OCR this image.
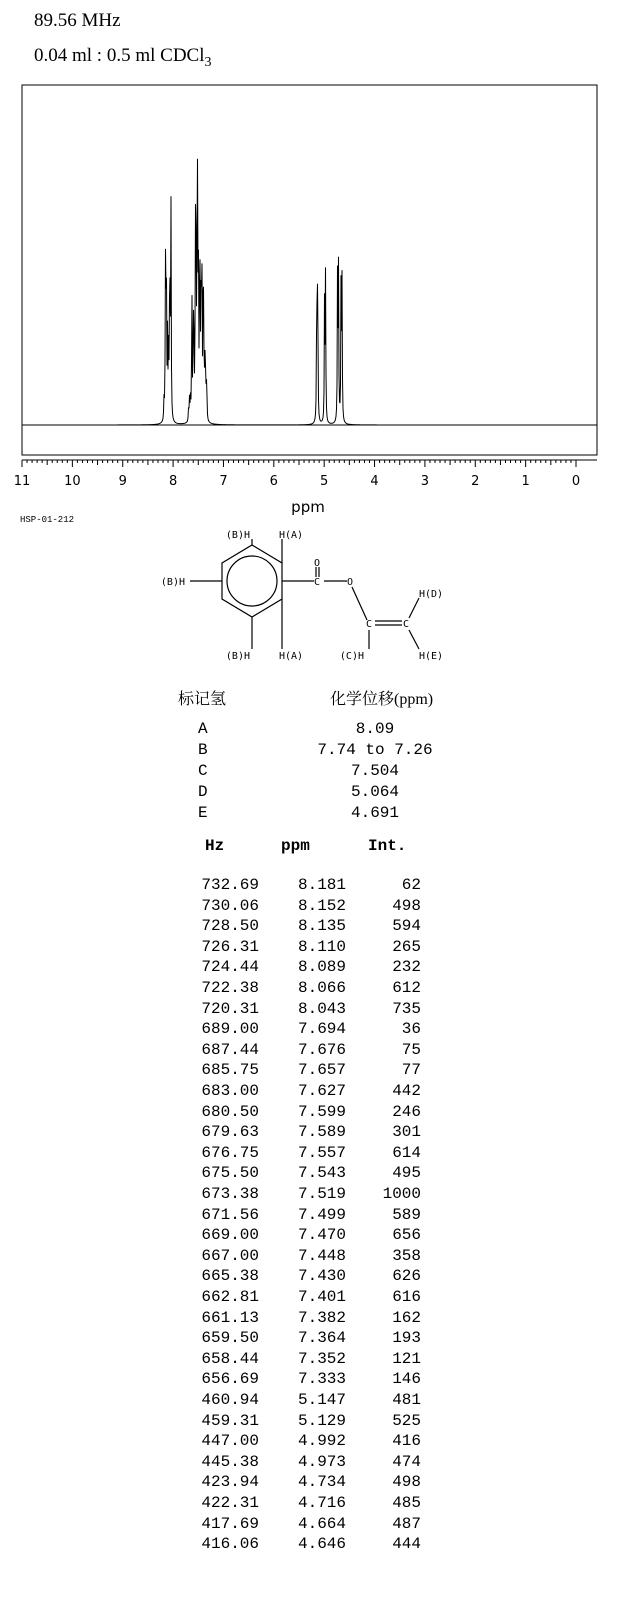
89.56 MHz
0.04 ml : 0.5 ml CDCl$_3$
11	10	9	8	7	6	5	4	3	2	1	0
ppm
HSP-01-212
(B)H	H(A)
(B)H
(B)H	H(A)
O
C	O
C	C
(C)H
H(D)
H(E)
标记氢	化学位移(ppm)
A	8.09
B	7.74 to 7.26
C	7.504
D	5.064
E	4.691
Hz	ppm	Int.
732.69	8.181	62
730.06	8.152	498
728.50	8.135	594
726.31	8.110	265
724.44	8.089	232
722.38	8.066	612
720.31	8.043	735
689.00	7.694	36
687.44	7.676	75
685.75	7.657	77
683.00	7.627	442
680.50	7.599	246
679.63	7.589	301
676.75	7.557	614
675.50	7.543	495
673.38	7.519	1000
671.56	7.499	589
669.00	7.470	656
667.00	7.448	358
665.38	7.430	626
662.81	7.401	616
661.13	7.382	162
659.50	7.364	193
658.44	7.352	121
656.69	7.333	146
460.94	5.147	481
459.31	5.129	525
447.00	4.992	416
445.38	4.973	474
423.94	4.734	498
422.31	4.716	485
417.69	4.664	487
416.06	4.646	444
